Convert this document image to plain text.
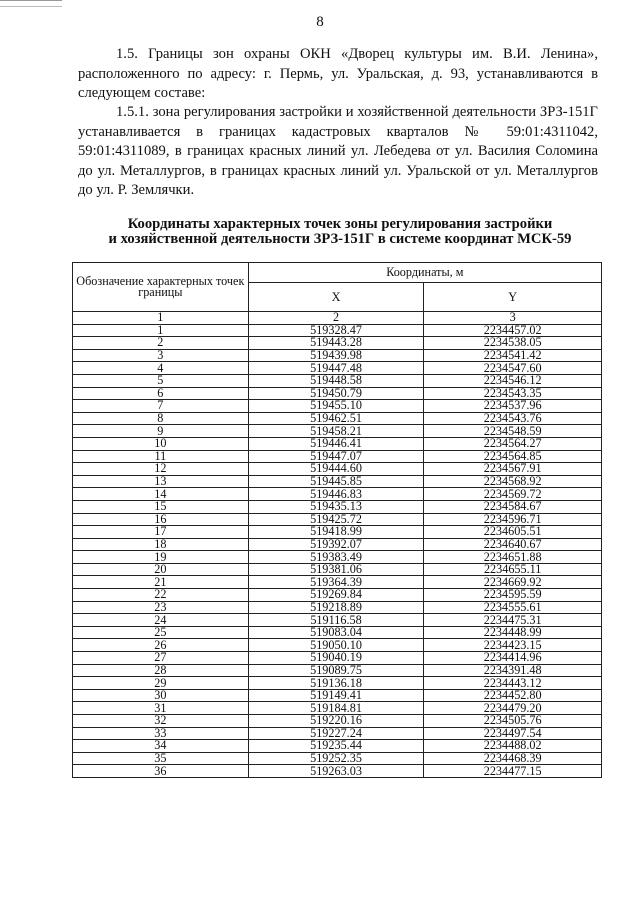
8

1.5. Границы зон охраны ОКН «Дворец культуры им. В.И. Ленина», расположенного по адресу: г. Пермь, ул. Уральская, д. 93, устанавливаются в следующем составе:

1.5.1. зона регулирования застройки и хозяйственной деятельности ЗРЗ-151Г устанавливается в границах кадастровых кварталов № 59:01:4311042, 59:01:4311089, в границах красных линий ул. Лебедева от ул. Василия Соломина до ул. Металлургов, в границах красных линий ул. Уральской от ул. Металлургов до ул. Р. Землячки.

Координаты характерных точек зоны регулирования застройки
и хозяйственной деятельности ЗРЗ-151Г в системе координат МСК-59
Обозначение характерных точек границы	Координаты, м	
	X	Y
1	2	3
1	519328.47	2234457.02
2	519443.28	2234538.05
3	519439.98	2234541.42
4	519447.48	2234547.60
5	519448.58	2234546.12
6	519450.79	2234543.35
7	519455.10	2234537.96
8	519462.51	2234543.76
9	519458.21	2234548.59
10	519446.41	2234564.27
11	519447.07	2234564.85
12	519444.60	2234567.91
13	519445.85	2234568.92
14	519446.83	2234569.72
15	519435.13	2234584.67
16	519425.72	2234596.71
17	519418.99	2234605.51
18	519392.07	2234640.67
19	519383.49	2234651.88
20	519381.06	2234655.11
21	519364.39	2234669.92
22	519269.84	2234595.59
23	519218.89	2234555.61
24	519116.58	2234475.31
25	519083.04	2234448.99
26	519050.10	2234423.15
27	519040.19	2234414.96
28	519089.75	2234391.48
29	519136.18	2234443.12
30	519149.41	2234452.80
31	519184.81	2234479.20
32	519220.16	2234505.76
33	519227.24	2234497.54
34	519235.44	2234488.02
35	519252.35	2234468.39
36	519263.03	2234477.15
